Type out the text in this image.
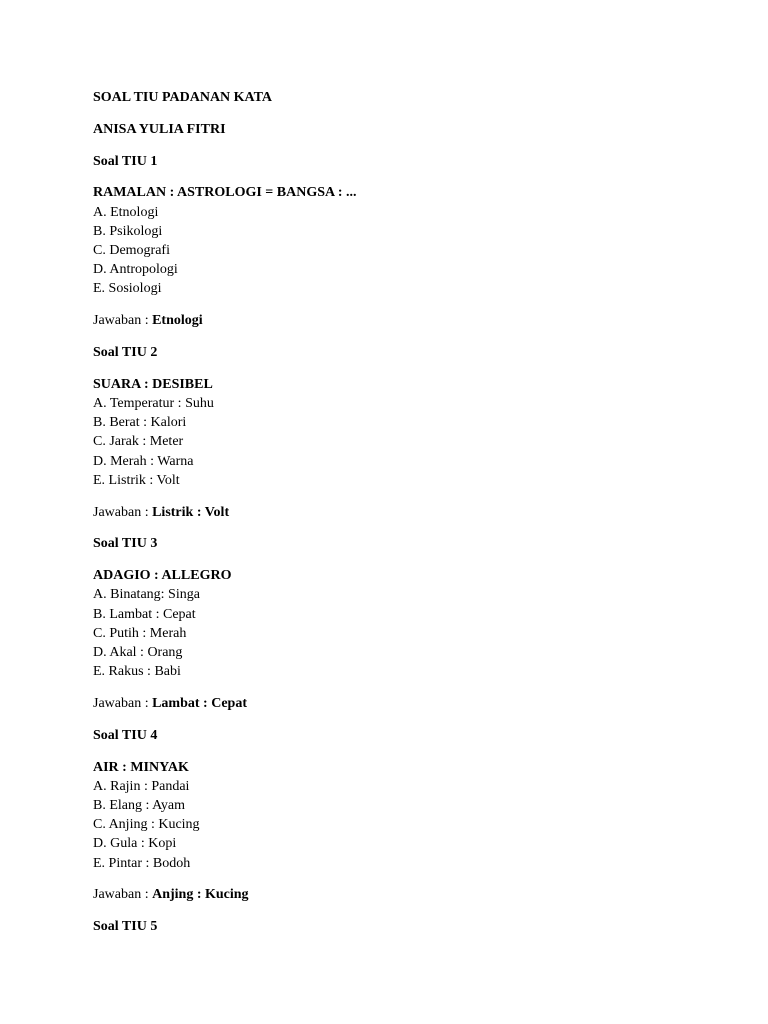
SOAL TIU PADANAN KATA

ANISA YULIA FITRI

Soal TIU 1

RAMALAN : ASTROLOGI = BANGSA : ...

A. Etnologi

B. Psikologi

C. Demografi

D. Antropologi

E. Sosiologi

Jawaban : Etnologi

Soal TIU 2

SUARA : DESIBEL

A. Temperatur : Suhu

B. Berat : Kalori

C. Jarak : Meter

D. Merah : Warna

E. Listrik : Volt

Jawaban : Listrik : Volt

Soal TIU 3

ADAGIO : ALLEGRO

A. Binatang: Singa

B. Lambat : Cepat

C. Putih : Merah

D. Akal : Orang

E. Rakus : Babi

Jawaban : Lambat : Cepat

Soal TIU 4

AIR : MINYAK

A. Rajin : Pandai

B. Elang : Ayam

C. Anjing : Kucing

D. Gula : Kopi

E. Pintar : Bodoh

Jawaban : Anjing : Kucing

Soal TIU 5
